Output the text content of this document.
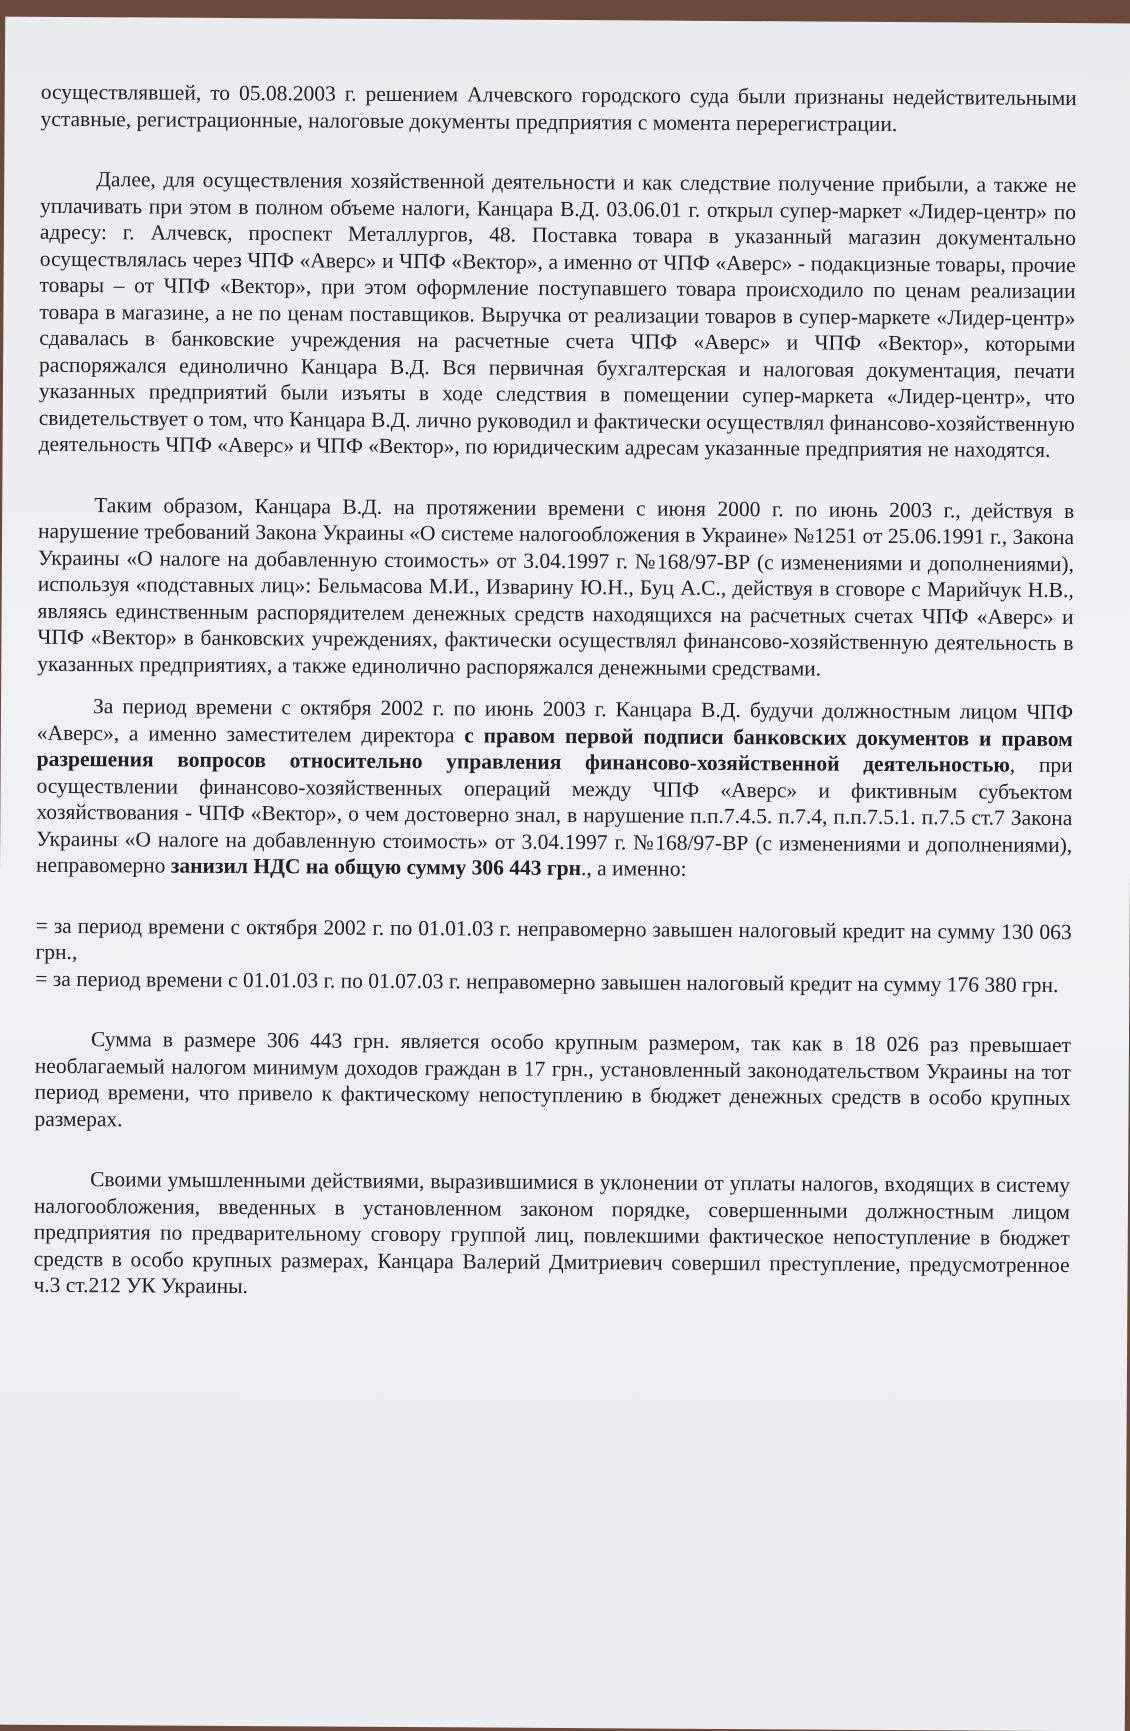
осуществлявшей, то 05.08.2003 г. решением Алчевского городского суда были признаны недействительными уставные, регистрационные, налоговые документы предприятия с момента перерегистрации.

Далее, для осуществления хозяйственной деятельности и как следствие получение прибыли, а также не уплачивать при этом в полном объеме налоги, Канцара В.Д. 03.06.01 г. открыл супер-маркет «Лидер-центр» по адресу: г. Алчевск, проспект Металлургов, 48. Поставка товара в указанный магазин документально осуществлялась через ЧПФ «Аверс» и ЧПФ «Вектор», а именно от ЧПФ «Аверс» - подакцизные товары, прочие товары – от ЧПФ «Вектор», при этом оформление поступавшего товара происходило по ценам реализации товара в магазине, а не по ценам поставщиков. Выручка от реализации товаров в супер-маркете «Лидер-центр» сдавалась в банковские учреждения на расчетные счета ЧПФ «Аверс» и ЧПФ «Вектор», которыми распоряжался единолично Канцара В.Д. Вся первичная бухгалтерская и налоговая документация, печати указанных предприятий были изъяты в ходе следствия в помещении супер-маркета «Лидер-центр», что свидетельствует о том, что Канцара В.Д. лично руководил и фактически осуществлял финансово-хозяйственную деятельность ЧПФ «Аверс» и ЧПФ «Вектор», по юридическим адресам указанные предприятия не находятся.

Таким образом, Канцара В.Д. на протяжении времени с июня 2000 г. по июнь 2003 г., действуя в нарушение требований Закона Украины «О системе налогообложения в Украине» №1251 от 25.06.1991 г., Закона Украины «О налоге на добавленную стоимость» от 3.04.1997 г. №168/97-ВР (с изменениями и дополнениями), используя «подставных лиц»: Бельмасова М.И., Изварину Ю.Н., Буц А.С., действуя в сговоре с Марийчук Н.В., являясь единственным распорядителем денежных средств находящихся на расчетных счетах ЧПФ «Аверс» и ЧПФ «Вектор» в банковских учреждениях, фактически осуществлял финансово-хозяйственную деятельность в указанных предприятиях, а также единолично распоряжался денежными средствами.

За период времени с октября 2002 г. по июнь 2003 г. Канцара В.Д. будучи должностным лицом ЧПФ «Аверс», а именно заместителем директора с правом первой подписи банковских документов и правом разрешения вопросов относительно управления финансово-хозяйственной деятельностью, при осуществлении финансово-хозяйственных операций между ЧПФ «Аверс» и фиктивным субъектом хозяйствования - ЧПФ «Вектор», о чем достоверно знал, в нарушение п.п.7.4.5. п.7.4, п.п.7.5.1. п.7.5 ст.7 Закона Украины «О налоге на добавленную стоимость» от 3.04.1997 г. №168/97-ВР (с изменениями и дополнениями), неправомерно занизил НДС на общую сумму 306 443 грн., а именно:

= за период времени с октября 2002 г. по 01.01.03 г. неправомерно завышен налоговый кредит на сумму 130 063 грн.,

= за период времени с 01.01.03 г. по 01.07.03 г. неправомерно завышен налоговый кредит на сумму 176 380 грн.

Сумма в размере 306 443 грн. является особо крупным размером, так как в 18 026 раз превышает необлагаемый налогом минимум доходов граждан в 17 грн., установленный законодательством Украины на тот период времени, что привело к фактическому непоступлению в бюджет денежных средств в особо крупных размерах.

Своими умышленными действиями, выразившимися в уклонении от уплаты налогов, входящих в систему налогообложения, введенных в установленном законом порядке, совершенными должностным лицом предприятия по предварительному сговору группой лиц, повлекшими фактическое непоступление в бюджет средств в особо крупных размерах, Канцара Валерий Дмитриевич совершил преступление, предусмотренное ч.3 ст.212 УК Украины.
